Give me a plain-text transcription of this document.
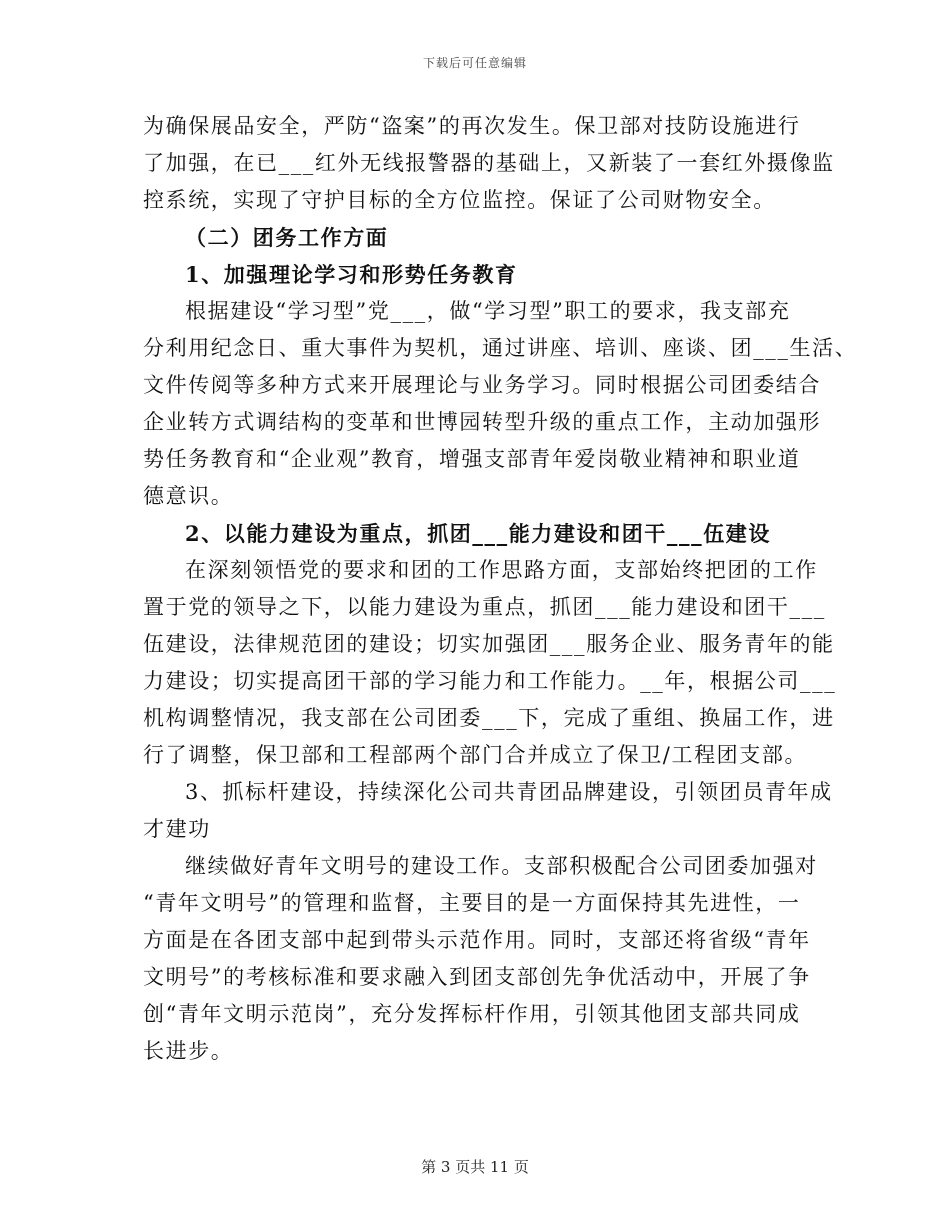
下载后可任意编辑
为确保展品安全，严防“盗案”的再次发生。保卫部对技防设施进行
了加强，在已___红外无线报警器的基础上，又新装了一套红外摄像监
控系统，实现了守护目标的全方位监控。保证了公司财物安全。
（二）团务工作方面
1、加强理论学习和形势任务教育
根据建设“学习型”党___，做“学习型”职工的要求，我支部充
分利用纪念日、重大事件为契机，通过讲座、培训、座谈、团___生活、
文件传阅等多种方式来开展理论与业务学习。同时根据公司团委结合
企业转方式调结构的变革和世博园转型升级的重点工作，主动加强形
势任务教育和“企业观”教育，增强支部青年爱岗敬业精神和职业道
德意识。
2、以能力建设为重点，抓团___能力建设和团干___伍建设
在深刻领悟党的要求和团的工作思路方面，支部始终把团的工作
置于党的领导之下，以能力建设为重点，抓团___能力建设和团干___
伍建设，法律规范团的建设；切实加强团___服务企业、服务青年的能
力建设；切实提高团干部的学习能力和工作能力。__年，根据公司___
机构调整情况，我支部在公司团委___下，完成了重组、换届工作，进
行了调整，保卫部和工程部两个部门合并成立了保卫/工程团支部。
3、抓标杆建设，持续深化公司共青团品牌建设，引领团员青年成
才建功
继续做好青年文明号的建设工作。支部积极配合公司团委加强对
“青年文明号”的管理和监督，主要目的是一方面保持其先进性，一
方面是在各团支部中起到带头示范作用。同时，支部还将省级“青年
文明号”的考核标准和要求融入到团支部创先争优活动中，开展了争
创“青年文明示范岗”，充分发挥标杆作用，引领其他团支部共同成
长进步。
第 3 页共 11 页
